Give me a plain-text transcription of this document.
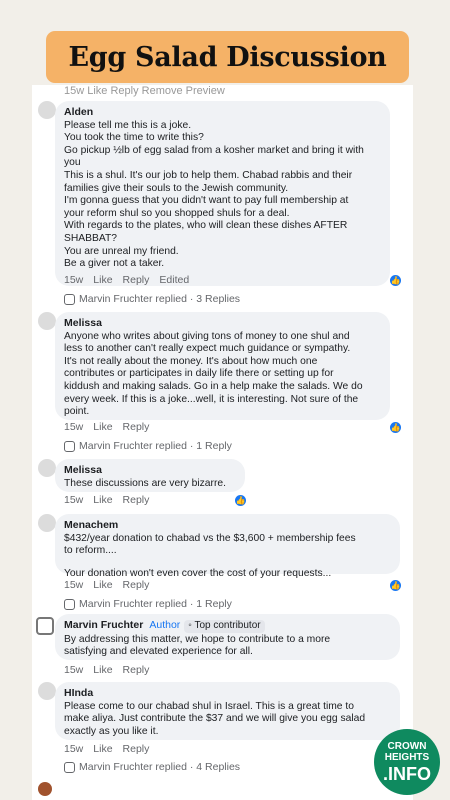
Egg Salad Discussion
15w Like Reply Remove Preview
Alden
Please tell me this is a joke.
You took the time to write this?
Go pickup ½lb of egg salad from a kosher market and bring it with
you
This is a shul. It's our job to help them. Chabad rabbis and their
families give their souls to the Jewish community.
I'm gonna guess that you didn't want to pay full membership at
your reform shul so you shopped shuls for a deal.
With regards to the plates, who will clean these dishes AFTER
SHABBAT?
You are unreal my friend.
Be a giver not a taker.
15w Like Reply Edited	👍
Marvin Fruchter replied · 3 Replies
Melissa
Anyone who writes about giving tons of money to one shul and
less to another can't really expect much guidance or sympathy.
It's not really about the money. It's about how much one
contributes or participates in daily life there or setting up for
kiddush and making salads. Go in a help make the salads. We do
every week. If this is a joke...well, it is interesting. Not sure of the
point.
15w Like Reply	👍
Marvin Fruchter replied · 1 Reply
Melissa
These discussions are very bizarre.
15w Like Reply	👍
Menachem
$432/year donation to chabad vs the $3,600 + membership fees
to reform....
Your donation won't even cover the cost of your requests...
15w Like Reply	👍
Marvin Fruchter replied · 1 Reply
Marvin Fruchter Author ◦ Top contributor
By addressing this matter, we hope to contribute to a more
satisfying and elevated experience for all.
15w Like Reply
HInda
Please come to our chabad shul in Israel. This is a great time to
make aliya. Just contribute the $37 and we will give you egg salad
exactly as you like it.
15w Like Reply
Marvin Fruchter replied · 4 Replies
CROWN
HEIGHTS
.INFO
